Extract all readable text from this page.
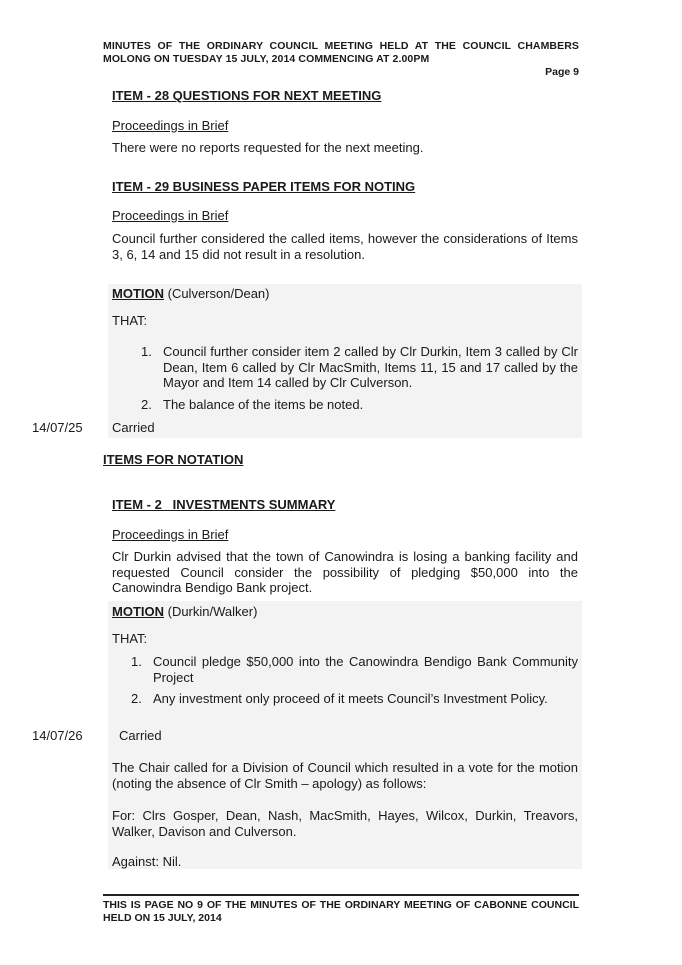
MINUTES OF THE ORDINARY COUNCIL MEETING HELD AT THE COUNCIL CHAMBERS
MOLONG ON TUESDAY 15 JULY, 2014 COMMENCING AT 2.00PM
Page 9
ITEM - 28 QUESTIONS FOR NEXT MEETING
Proceedings in Brief
There were no reports requested for the next meeting.
ITEM - 29 BUSINESS PAPER ITEMS FOR NOTING
Proceedings in Brief
Council further considered the called items, however the considerations of Items 3, 6, 14 and 15 did not result in a resolution.
MOTION (Culverson/Dean)
THAT:
1. Council further consider item 2 called by Clr Durkin, Item 3 called by Clr Dean, Item 6 called by Clr MacSmith, Items 11, 15 and 17 called by the Mayor and Item 14 called by Clr Culverson.
2. The balance of the items be noted.
14/07/25 Carried
ITEMS FOR NOTATION
ITEM - 2   INVESTMENTS SUMMARY
Proceedings in Brief
Clr Durkin advised that the town of Canowindra is losing a banking facility and requested Council consider the possibility of pledging $50,000 into the Canowindra Bendigo Bank project.
MOTION (Durkin/Walker)
THAT:
1. Council pledge $50,000 into the Canowindra Bendigo Bank Community Project
2. Any investment only proceed of it meets Council’s Investment Policy.
14/07/26	Carried
The Chair called for a Division of Council which resulted in a vote for the motion (noting the absence of Clr Smith – apology) as follows:
For: Clrs Gosper, Dean, Nash, MacSmith, Hayes, Wilcox, Durkin, Treavors, Walker, Davison and Culverson.
Against: Nil.
THIS IS PAGE NO 9 OF THE MINUTES OF THE ORDINARY MEETING OF CABONNE COUNCIL HELD ON 15 JULY, 2014
